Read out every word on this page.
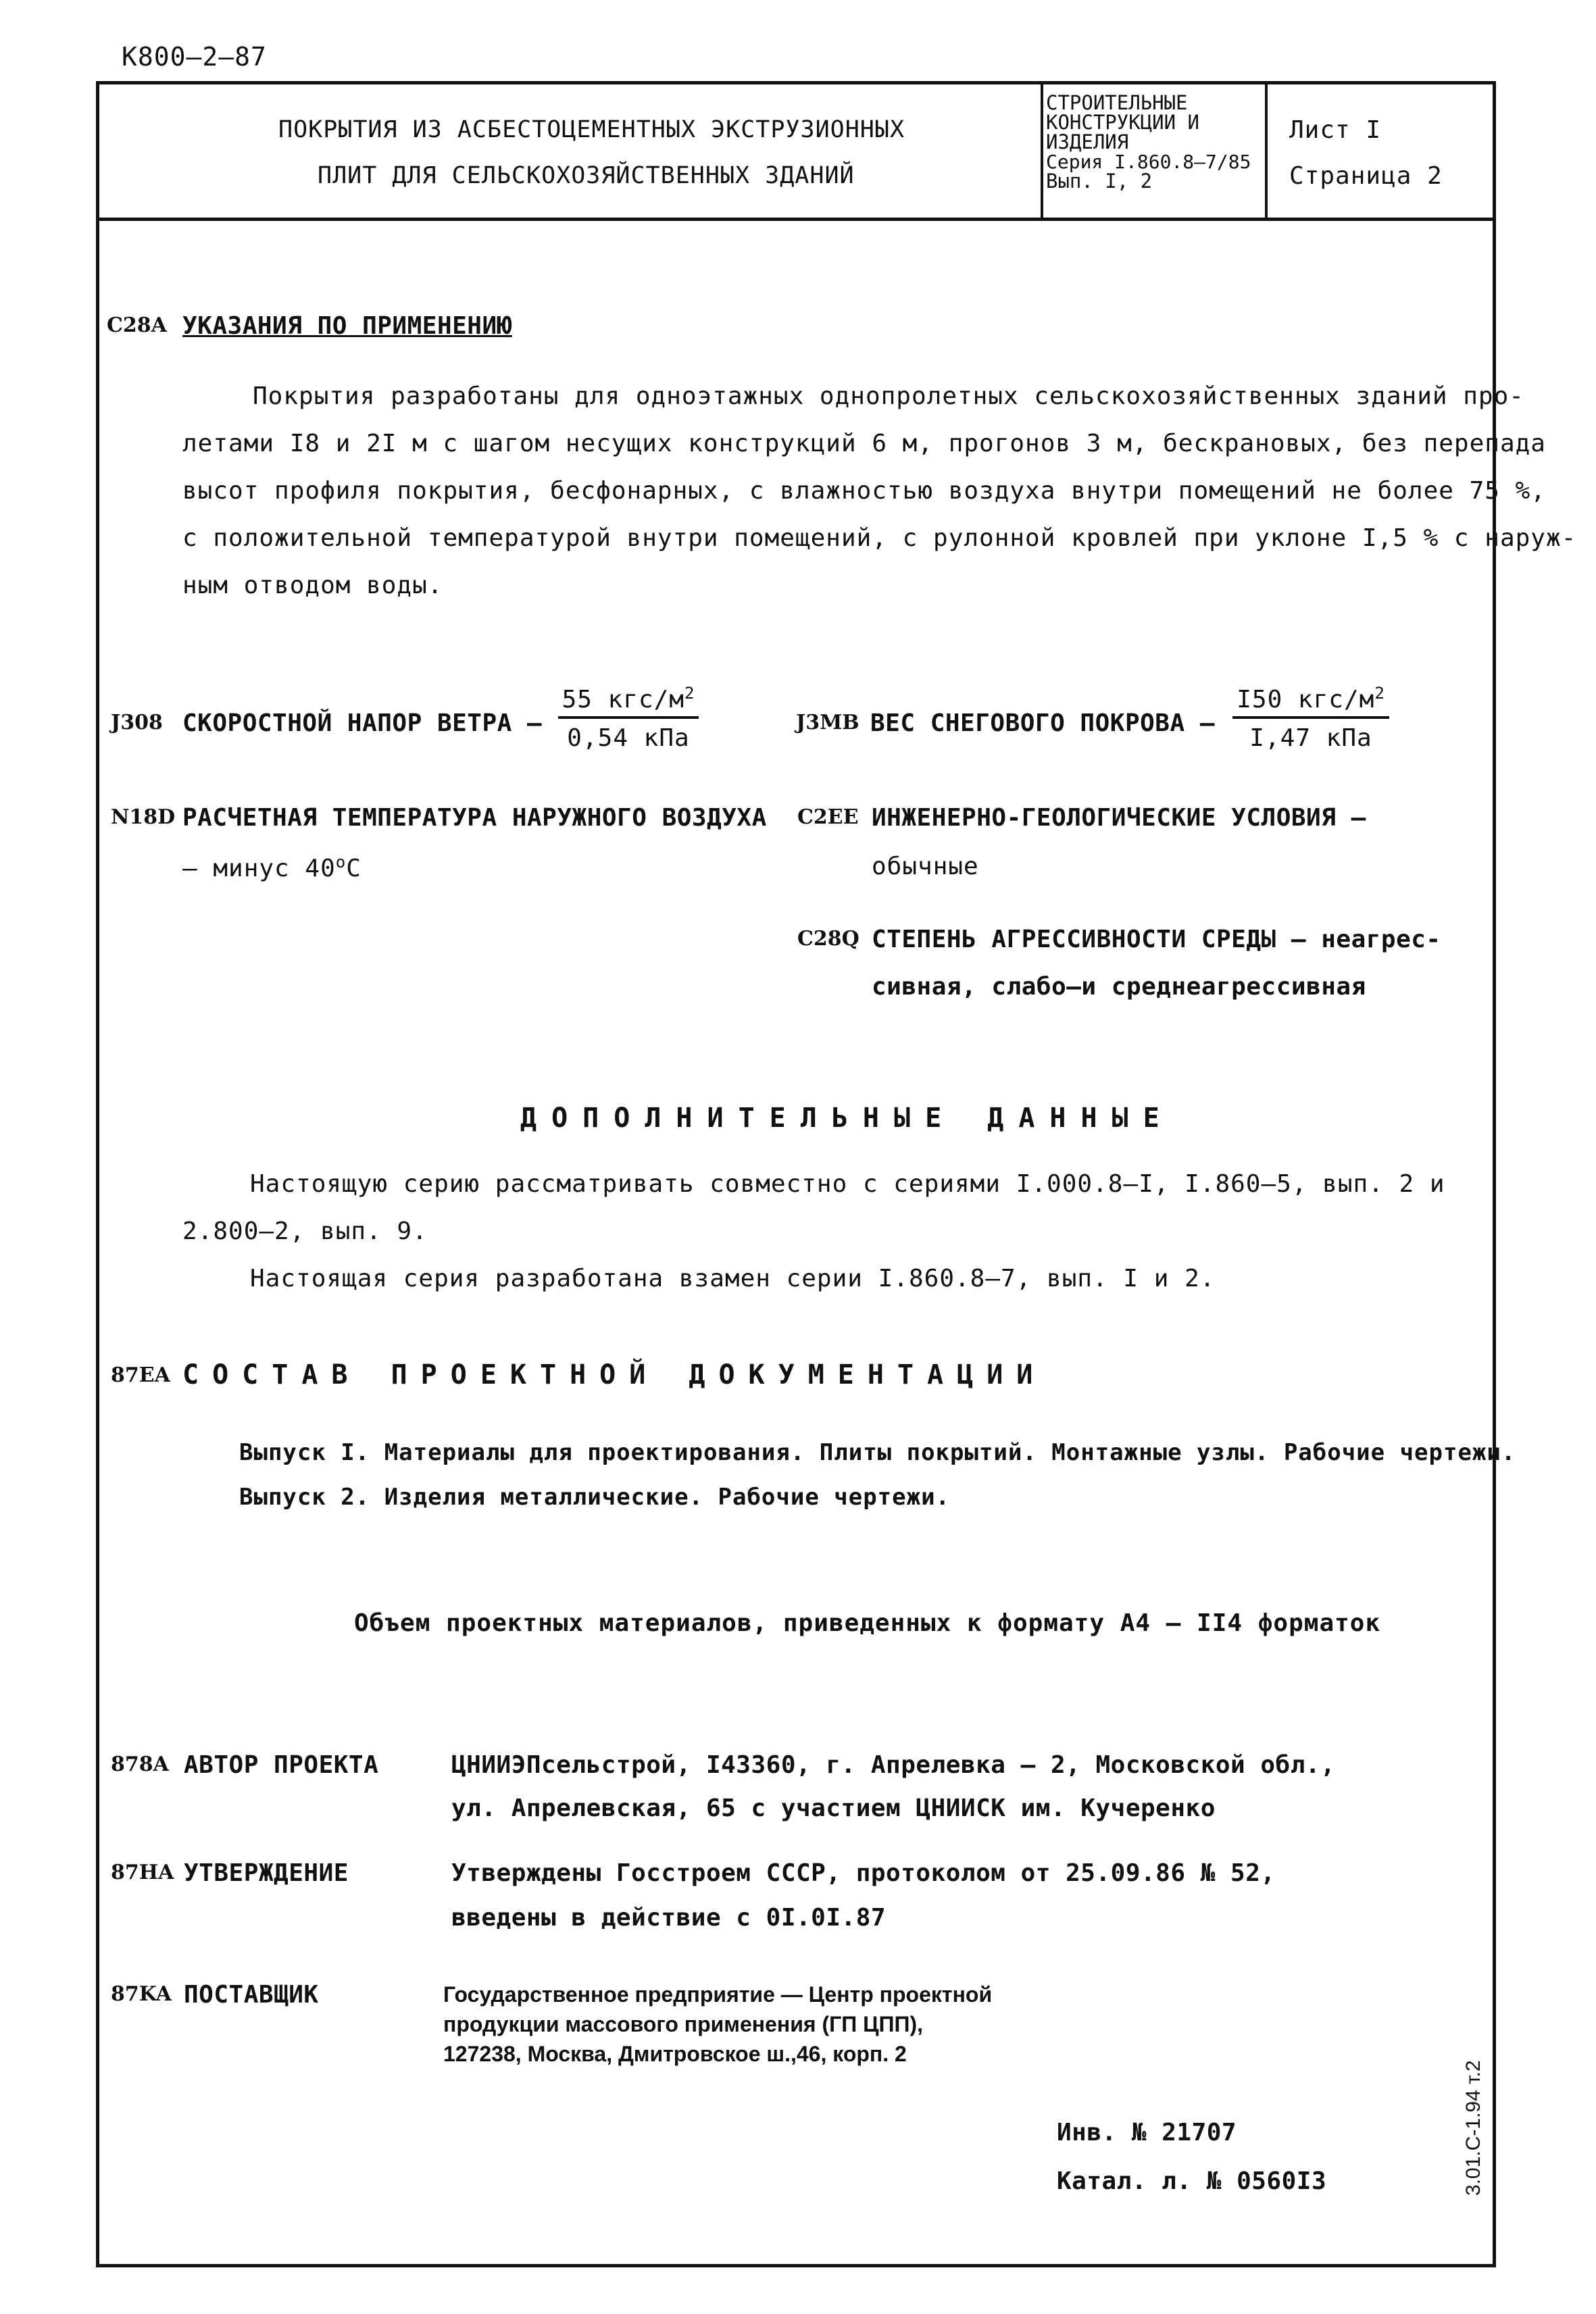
К800–2–87
ПОКРЫТИЯ ИЗ АСБЕСТОЦЕМЕНТНЫХ ЭКСТРУЗИОННЫХ
ПЛИТ ДЛЯ СЕЛЬСКОХОЗЯЙСТВЕННЫХ ЗДАНИЙ
СТРОИТЕЛЬНЫЕ
КОНСТРУКЦИИ И
ИЗДЕЛИЯ
Серия I.860.8–7/85
Вып. I, 2
Лист I
Страница 2
C28A УКАЗАНИЯ ПО ПРИМЕНЕНИЮ
Покрытия разработаны для одноэтажных однопролетных сельскохозяйственных зданий про-
летами I8 и 2I м с шагом несущих конструкций 6 м, прогонов 3 м, бескрановых, без перепада
высот профиля покрытия, бесфонарных, с влажностью воздуха внутри помещений не более 75 %,
с положительной температурой внутри помещений, с рулонной кровлей при уклоне I,5 % с наруж-
ным отводом воды.
J308 СКОРОСТНОЙ НАПОР ВЕТРА –
55 кгс/$м^2$
0,54 кПа
J3MB ВЕС СНЕГОВОГО ПОКРОВА –
I50 кгс/$м^2$
I,47 кПа
N18D РАСЧЕТНАЯ ТЕМПЕРАТУРА НАРУЖНОГО ВОЗДУХА
– минус 40$^o$C
C2EE ИНЖЕНЕРНО-ГЕОЛОГИЧЕСКИЕ УСЛОВИЯ –
обычные
C28Q СТЕПЕНЬ АГРЕССИВНОСТИ СРЕДЫ – неагрес-
сивная, слабо–и среднеагрессивная
ДОПОЛНИТЕЛЬНЫЕ ДАННЫЕ
Настоящую серию рассматривать совместно с сериями I.000.8–I, I.860–5, вып. 2 и
2.800–2, вып. 9.
Настоящая серия разработана взамен серии I.860.8–7, вып. I и 2.
87EA СОСТАВ ПРОЕКТНОЙ ДОКУМЕНТАЦИИ
Выпуск I. Материалы для проектирования. Плиты покрытий. Монтажные узлы. Рабочие чертежи.
Выпуск 2. Изделия металлические. Рабочие чертежи.
Объем проектных материалов, приведенных к формату А4 – II4 форматок
878A АВТОР ПРОЕКТА	ЦНИИЭПсельстрой, I43360, г. Апрелевка – 2, Московской обл.,
ул. Апрелевская, 65 с участием ЦНИИСК им. Кучеренко
87HA УТВЕРЖДЕНИЕ	Утверждены Госстроем СССР, протоколом от 25.09.86 № 52,
введены в действие с 0I.0I.87
87KA ПОСТАВЩИК	Государственное предприятие — Центр проектной
продукции массового применения (ГП ЦПП),
127238, Москва, Дмитровское ш.,46, корп. 2
Инв. № 21707
Катал. л. № 0560I3	3.01.C-1.94 т.2
